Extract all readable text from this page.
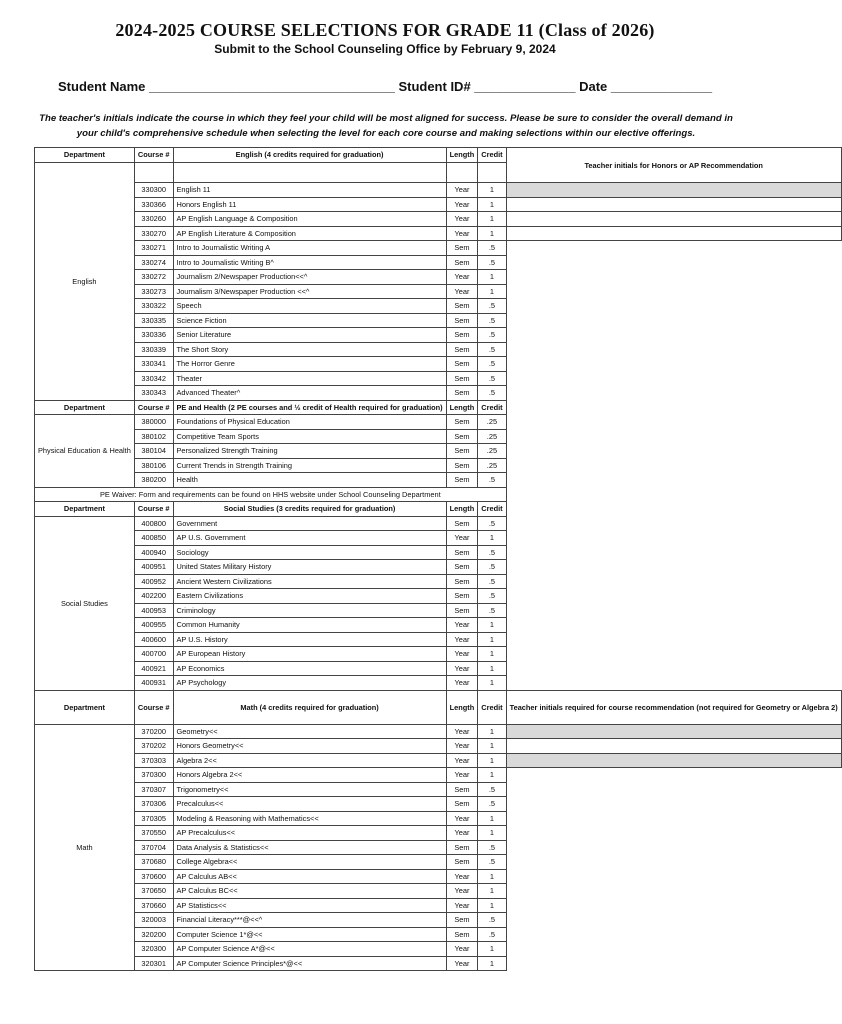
2024-2025 COURSE SELECTIONS FOR GRADE 11 (Class of 2026)
Submit to the School Counseling Office by February 9, 2024
Student Name __________________________________ Student ID# ______________ Date ______________
The teacher's initials indicate the course in which they feel your child will be most aligned for success. Please be sure to consider the overall demand in your child's comprehensive schedule when selecting the level for each core course and making selections within our elective offerings.
Department	Course #	English (4 credits required for graduation)	Length	Credit	Teacher initials for Honors or AP Recommendation
English					
	330300	English 11	Year	1	
	330366	Honors English 11	Year	1	
	330260	AP English Language & Composition	Year	1	
	330270	AP English Literature & Composition	Year	1	
	330271	Intro to Journalistic Writing A	Sem	.5	
	330274	Intro to Journalistic Writing B^	Sem	.5	
	330272	Journalism 2/Newspaper Production<<^	Year	1	
	330273	Journalism 3/Newspaper Production <<^	Year	1	
	330322	Speech	Sem	.5	
	330335	Science Fiction	Sem	.5	
	330336	Senior Literature	Sem	.5	
	330339	The Short Story	Sem	.5	
	330341	The Horror Genre	Sem	.5	
	330342	Theater	Sem	.5	
	330343	Advanced Theater^	Sem	.5	
Department	Course #	PE and Health (2 PE courses and ½ credit of Health required for graduation)	Length	Credit	
Physical Education & Health	380000	Foundations of Physical Education	Sem	.25	
	380102	Competitive Team Sports	Sem	.25	
	380104	Personalized Strength Training	Sem	.25	
	380106	Current Trends in Strength Training	Sem	.25	
	380200	Health	Sem	.5	
PE Waiver: Form and requirements can be found on HHS website under School Counseling Department					
Department	Course #	Social Studies (3 credits required for graduation)	Length	Credit	
Social Studies	400800	Government	Sem	.5	
	400850	AP U.S. Government	Year	1	
	400940	Sociology	Sem	.5	
	400951	United States Military History	Sem	.5	
	400952	Ancient Western Civilizations	Sem	.5	
	402200	Eastern Civilizations	Sem	.5	
	400953	Criminology	Sem	.5	
	400955	Common Humanity	Year	1	
	400600	AP U.S. History	Year	1	
	400700	AP European History	Year	1	
	400921	AP Economics	Year	1	
	400931	AP Psychology	Year	1	
Department	Course #	Math (4 credits required for graduation)	Length	Credit	Teacher initials required for course recommendation (not required for Geometry or Algebra 2)
Math	370200	Geometry<<	Year	1	
	370202	Honors Geometry<<	Year	1	
	370303	Algebra 2<<	Year	1	
	370300	Honors Algebra 2<<	Year	1	
	370307	Trigonometry<<	Sem	.5	
	370306	Precalculus<<	Sem	.5	
	370305	Modeling & Reasoning with Mathematics<<	Year	1	
	370550	AP Precalculus<<	Year	1	
	370704	Data Analysis & Statistics<<	Sem	.5	
	370680	College Algebra<<	Sem	.5	
	370600	AP Calculus AB<<	Year	1	
	370650	AP Calculus BC<<	Year	1	
	370660	AP Statistics<<	Year	1	
	320003	Financial Literacy***@<<^	Sem	.5	
	320200	Computer Science 1*@<<	Sem	.5	
	320300	AP Computer Science A*@<<	Year	1	
	320301	AP Computer Science Principles*@<<	Year	1	
